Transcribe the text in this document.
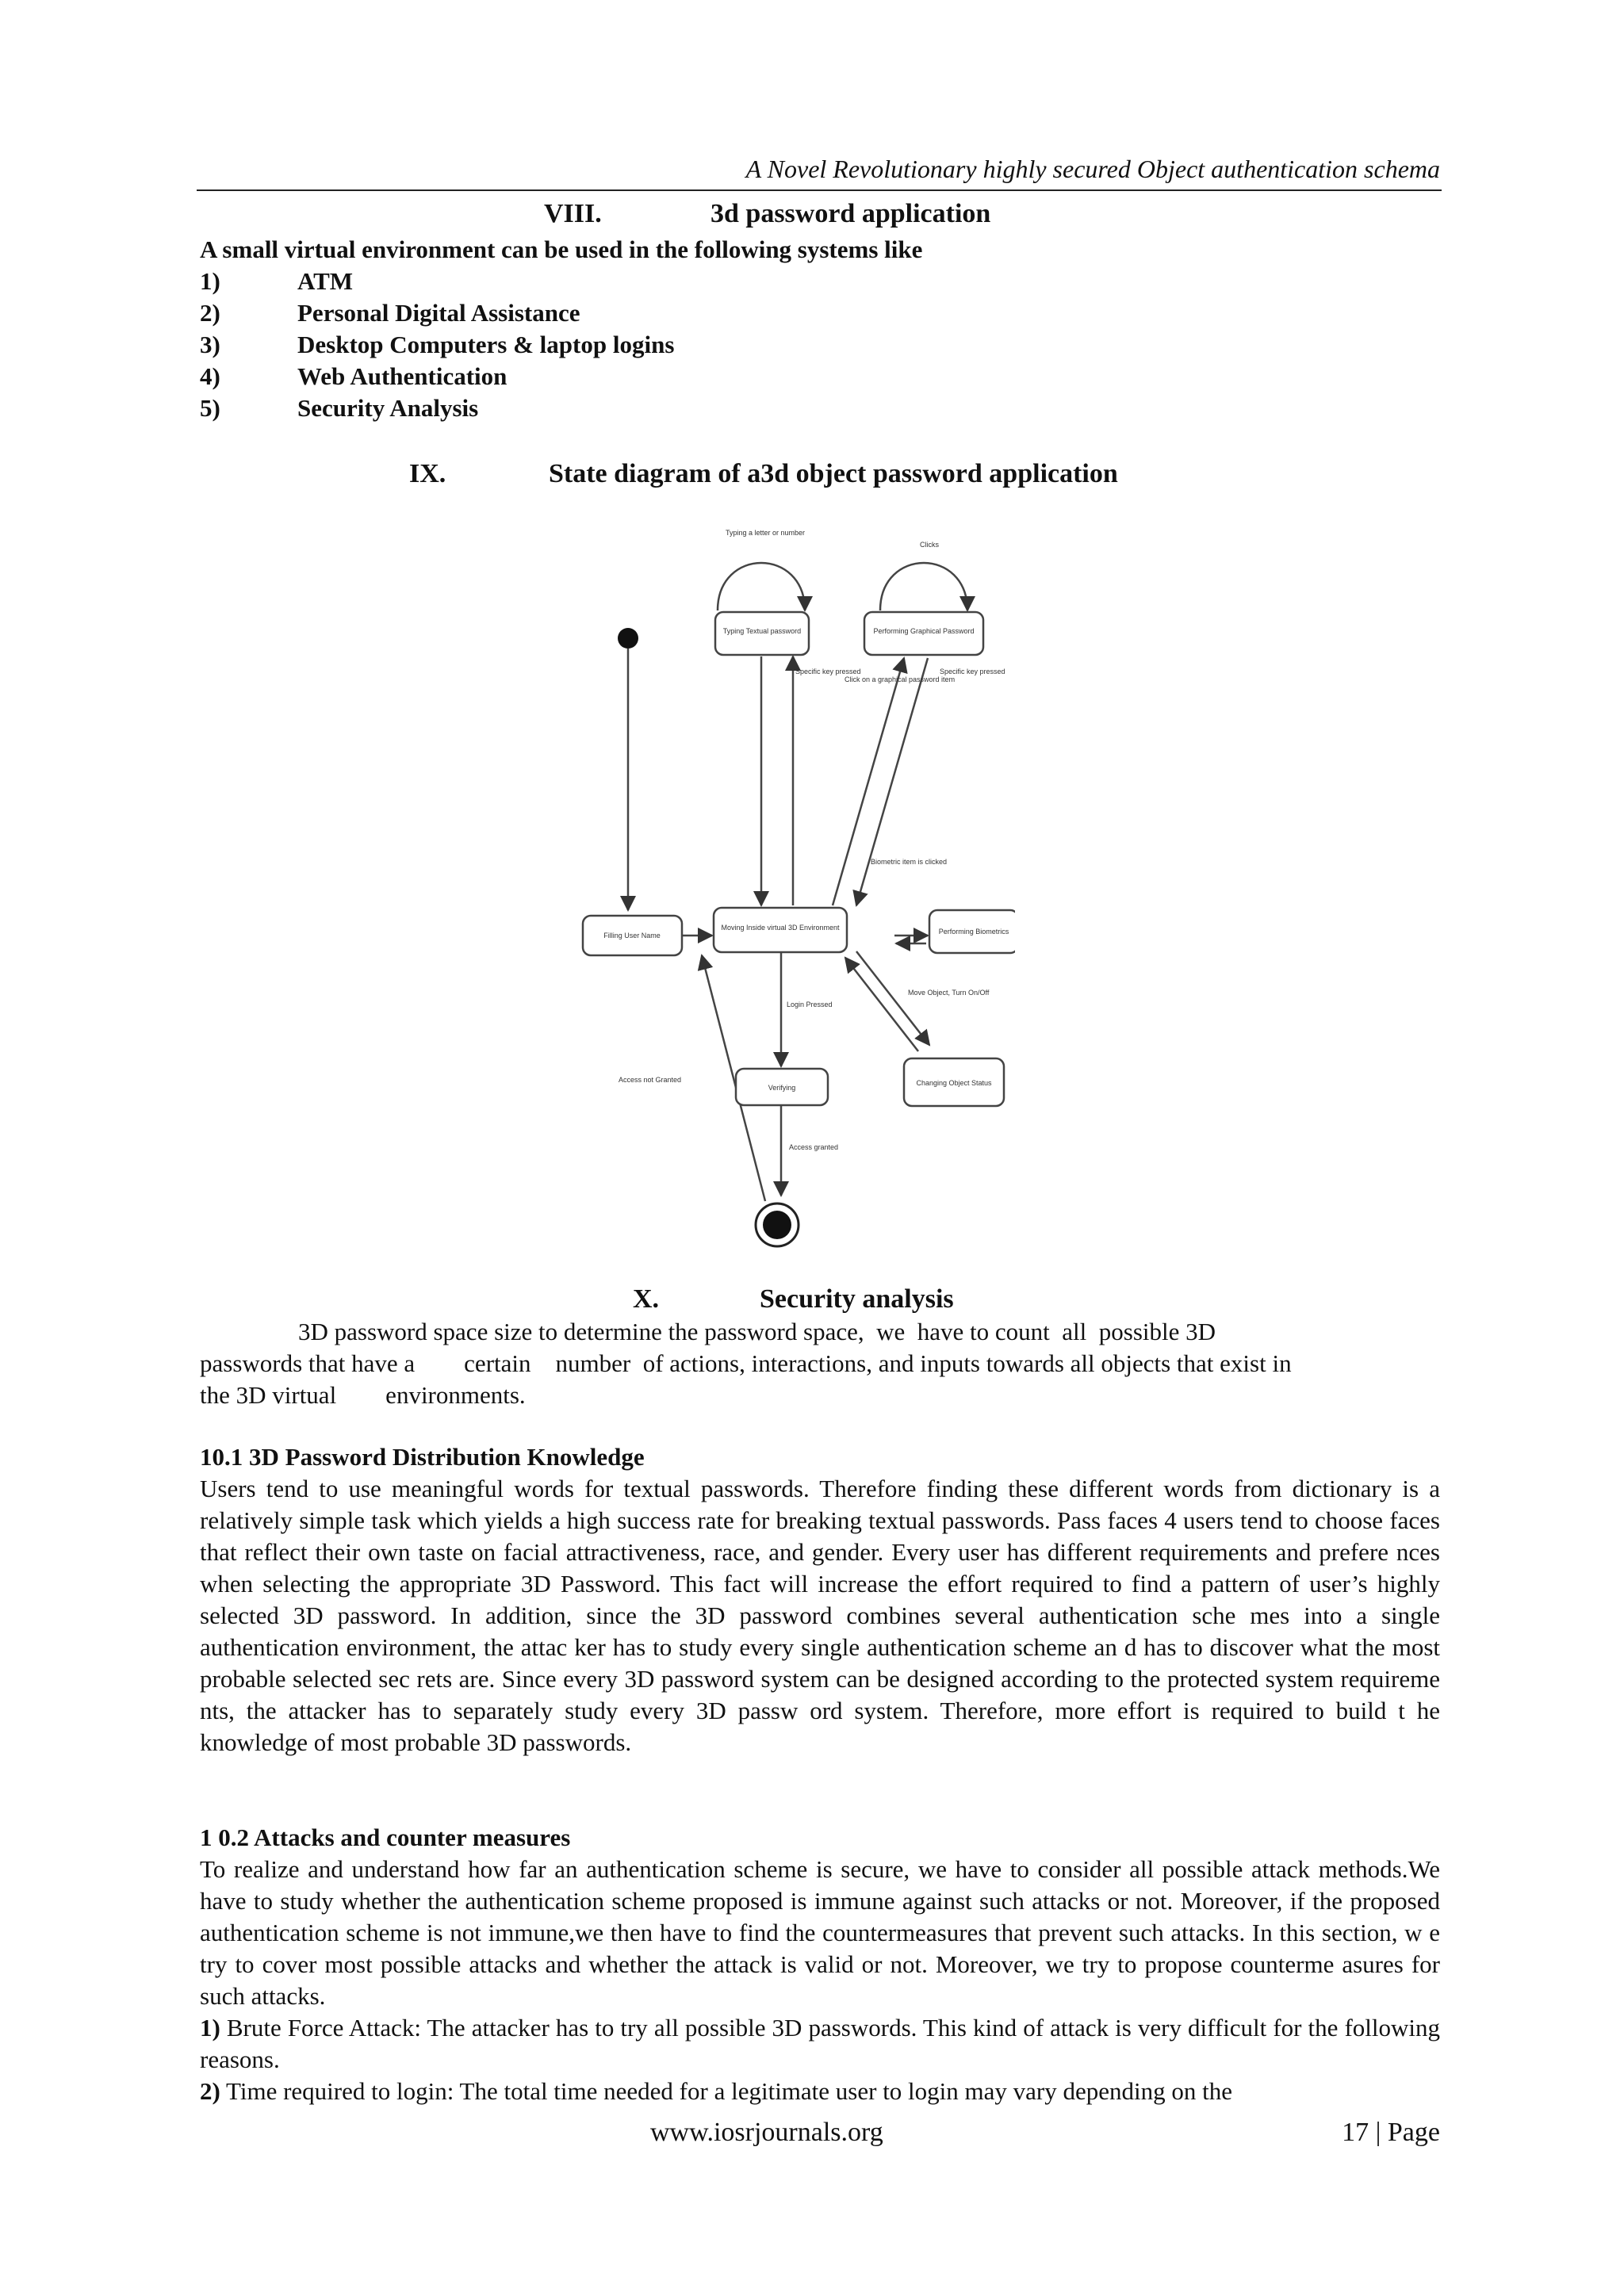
A Novel Revolutionary highly secured Object authentication schema
VIII.	3d password application
A small virtual environment can be used in the following systems like
1)	ATM
2)	Personal Digital Assistance
3)	Desktop Computers & laptop logins
4)	Web Authentication
5)	Security Analysis
IX.	State diagram of a3d object password application
Typing Textual password	Performing Graphical Password
Filling User Name
Moving Inside virtual 3D Environment	Performing Biometrics
Verifying
Changing Object Status
Typing a letter or number
Clicks
Specific key pressed
Click on a graphical password item
Specific key pressed
Biometric item is clicked
Move Object, Turn On/Off
Login Pressed
Access not Granted
Access granted
X.	Security analysis
3D password space size to determine the password space,  we  have to count  all  possible 3D
passwords that have a        certain    number  of actions, interactions, and inputs towards all objects that exist in
the 3D virtual        environments.
10.1 3D Password Distribution Knowledge

Users tend to use meaningful words for textual passwords. Therefore finding these different words from dictionary is a relatively simple task which yields a high success rate for breaking textual passwords. Pass faces 4 users tend to choose faces that reflect their own taste on facial attractiveness, race, and gender. Every user has different requirements and prefere nces when selecting the appropriate 3D Password. This fact will increase the effort required to find a pattern of user’s highly selected 3D password. In addition, since the 3D password combines several authentication sche mes into a single authentication environment, the attac ker has to study every single authentication scheme an d has to discover what the most probable selected sec rets are. Since every 3D password system can be designed according to the protected system requireme nts, the attacker has to separately study every 3D passw ord system. Therefore, more effort is required to build t he knowledge of most probable 3D passwords.

1 0.2 Attacks and counter measures

To realize and understand how far an authentication scheme is secure, we have to consider all possible attack methods.We have to study whether the authentication scheme proposed is immune against such attacks or not. Moreover, if the proposed authentication scheme is not immune,we then have to find the countermeasures that prevent such attacks. In this section, w e try to cover most possible attacks and whether the attack is valid or not. Moreover, we try to propose counterme asures for such attacks.

1) Brute Force Attack: The attacker has to try all possible 3D passwords. This kind of attack is very difficult for the following reasons.

2) Time required to login: The total time needed for a legitimate user to login may vary depending on the

www.iosrjournals.org	17 | Page
